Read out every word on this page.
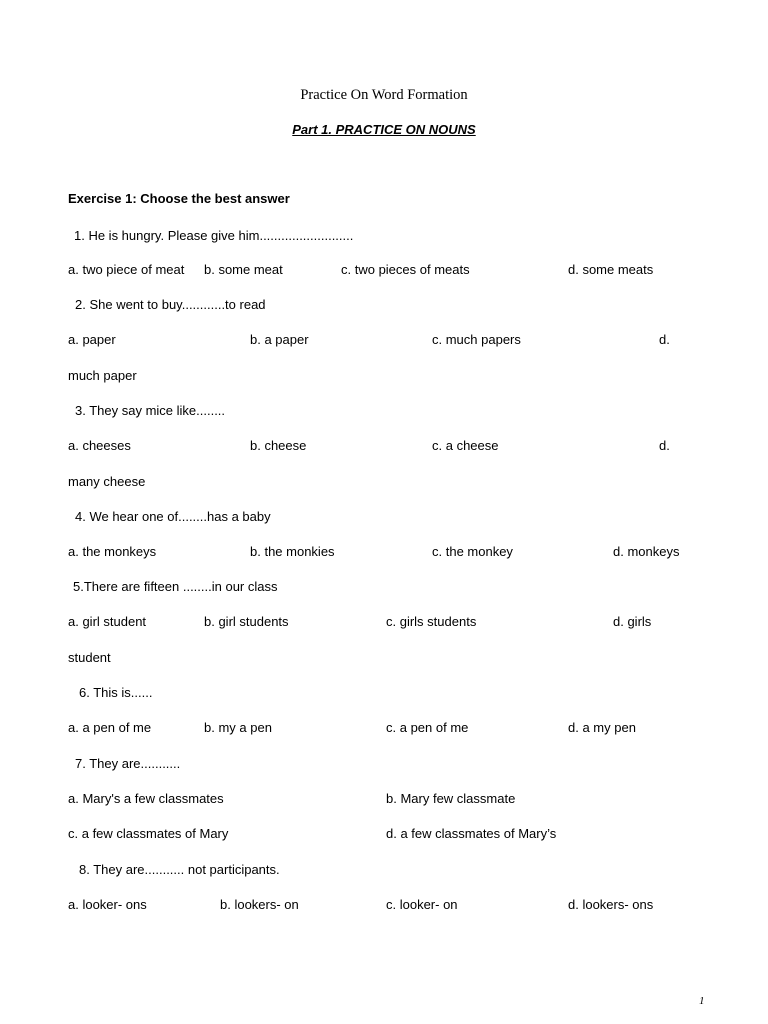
Practice On Word Formation
Part 1. PRACTICE ON NOUNS
Exercise 1: Choose the best answer
1. He is hungry. Please give him..........................
a. two piece of meat b. some meat	c. two pieces of meats	d. some meats
2. She went to buy............to read
a. paper	b. a paper	c. much papers	d.
much paper
3. They say mice like........
a. cheeses	b. cheese	c. a cheese	d.
many cheese
4. We hear one of........has a baby
a. the monkeys	b. the monkies	c. the monkey	d. monkeys
5.There are fifteen ........in our class
a. girl student	b. girl students	c. girls students	d. girls
student
6. This is......
a. a pen of me	b. my a pen	c. a pen of me	d. a my pen
7. They are...........
a. Mary's a few classmates	b. Mary few classmate
c. a few classmates of Mary	d. a few classmates of Mary’s
8. They are........... not participants.
a. looker- ons	b. lookers- on	c. looker- on	d. lookers- ons
1
